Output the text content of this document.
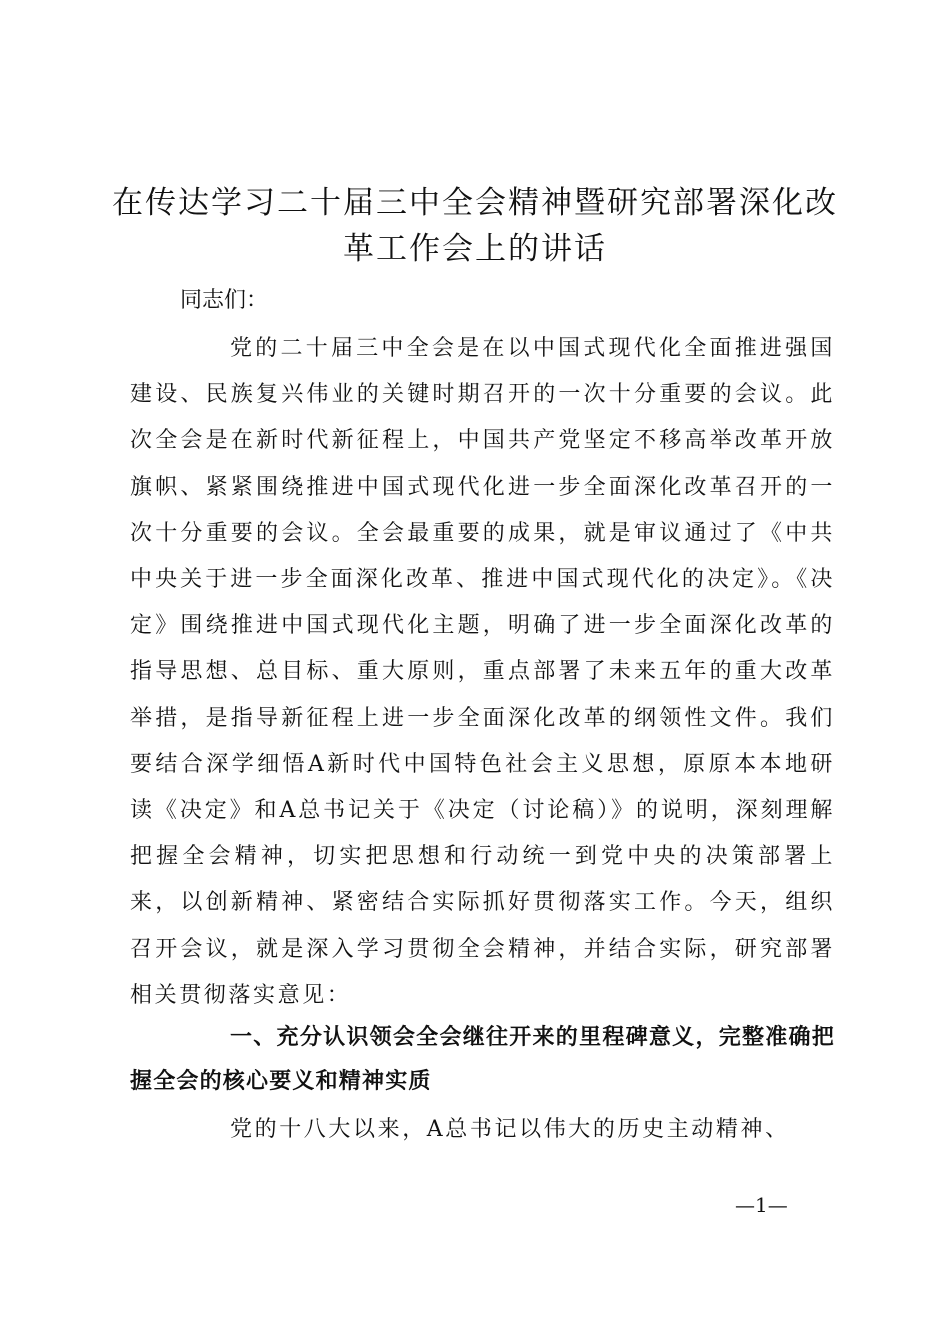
在传达学习二十届三中全会精神暨研究部署深化改革工作会上的讲话
同志们：

党的二十届三中全会是在以中国式现代化全面推进强国建设、民族复兴伟业的关键时期召开的一次十分重要的会议。此次全会是在新时代新征程上，中国共产党坚定不移高举改革开放旗帜、紧紧围绕推进中国式现代化进一步全面深化改革召开的一次十分重要的会议。全会最重要的成果，就是审议通过了《中共中央关于进一步全面深化改革、推进中国式现代化的决定》。《决定》围绕推进中国式现代化主题，明确了进一步全面深化改革的指导思想、总目标、重大原则，重点部署了未来五年的重大改革举措，是指导新征程上进一步全面深化改革的纲领性文件。我们要结合深学细悟A新时代中国特色社会主义思想，原原本本地研读《决定》和A总书记关于《决定（讨论稿）》的说明，深刻理解把握全会精神，切实把思想和行动统一到党中央的决策部署上来，以创新精神、紧密结合实际抓好贯彻落实工作。今天，组织召开会议，就是深入学习贯彻全会精神，并结合实际，研究部署相关贯彻落实意见：

一、充分认识领会全会继往开来的里程碑意义，完整准确把握全会的核心要义和精神实质

党的十八大以来，A总书记以伟大的历史主动精神、

—1—
